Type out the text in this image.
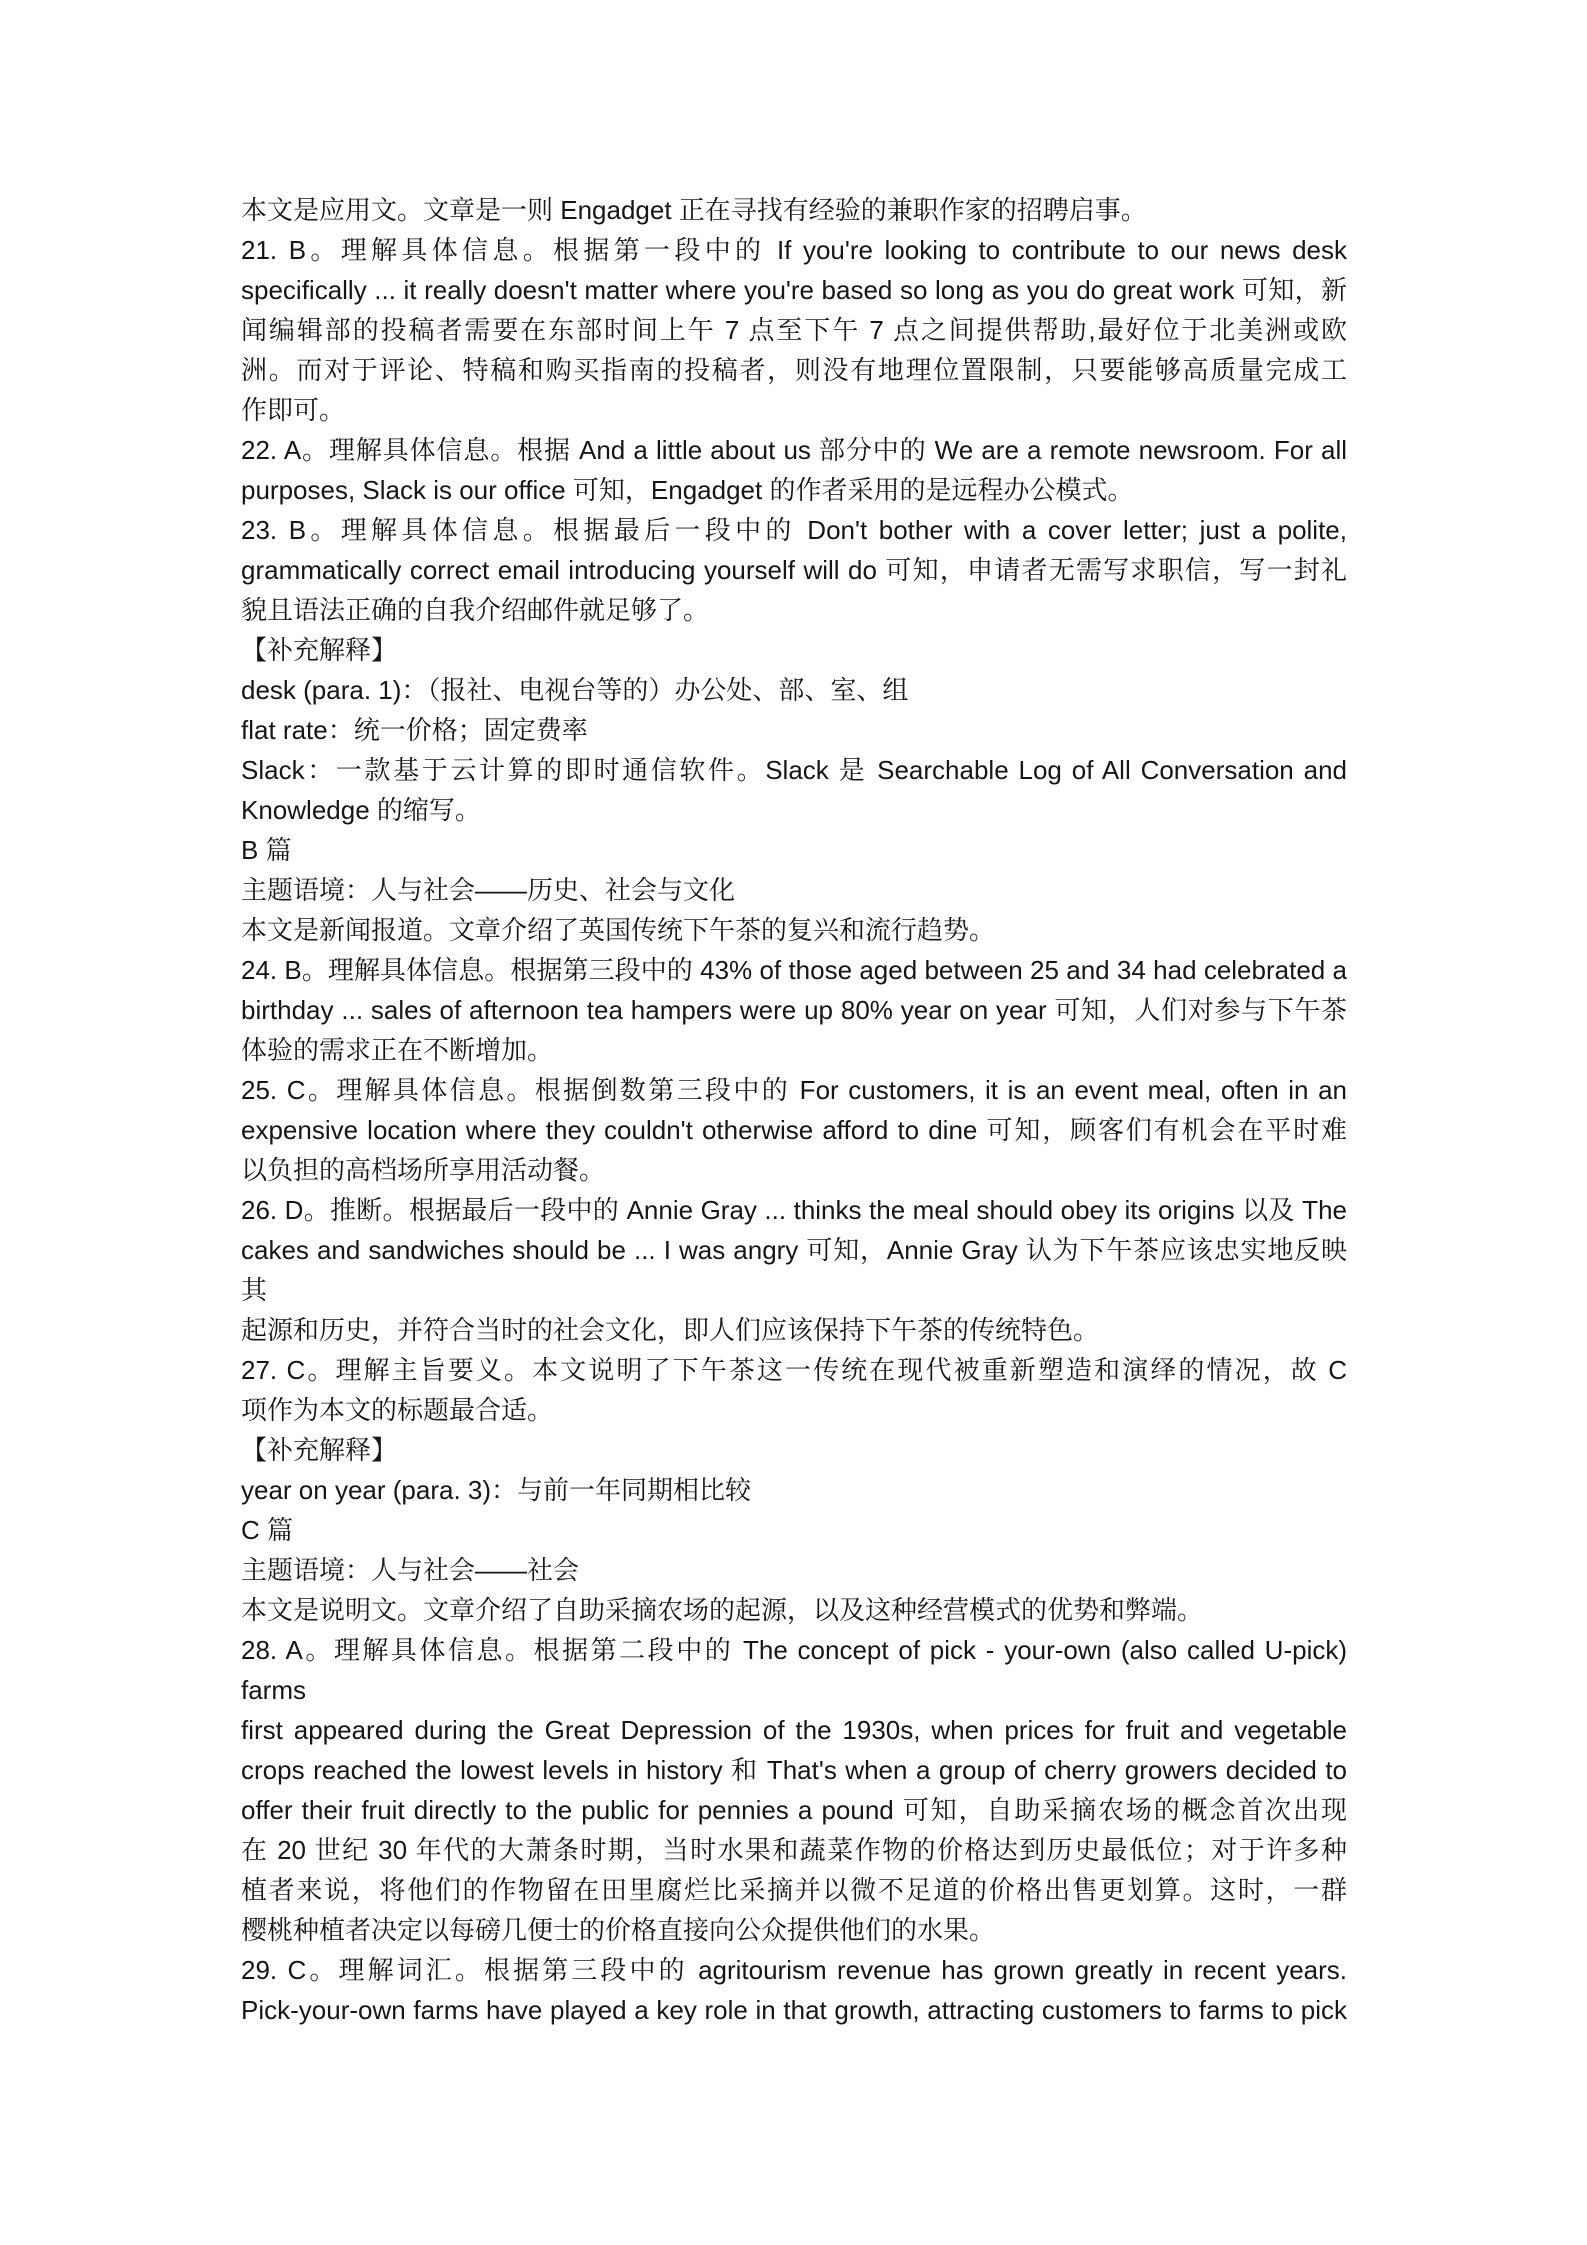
本文是应用文。文章是一则 Engadget 正在寻找有经验的兼职作家的招聘启事。
21. B。理解具体信息。根据第一段中的 If you're looking to contribute to our news desk
specifically ... it really doesn't matter where you're based so long as you do great work 可知，新
闻编辑部的投稿者需要在东部时间上午 7 点至下午 7 点之间提供帮助,最好位于北美洲或欧
洲。而对于评论、特稿和购买指南的投稿者，则没有地理位置限制，只要能够高质量完成工
作即可。
22. A。理解具体信息。根据 And a little about us 部分中的 We are a remote newsroom. For all
purposes, Slack is our office 可知，Engadget 的作者采用的是远程办公模式。
23. B。理解具体信息。根据最后一段中的 Don't bother with a cover letter; just a polite,
grammatically correct email introducing yourself will do 可知，申请者无需写求职信，写一封礼
貌且语法正确的自我介绍邮件就足够了。
【补充解释】
desk (para. 1)：（报社、电视台等的）办公处、部、室、组
flat rate：统一价格；固定费率
Slack：一款基于云计算的即时通信软件。Slack 是 Searchable Log of All Conversation and
Knowledge 的缩写。
B 篇
主题语境：人与社会——历史、社会与文化
本文是新闻报道。文章介绍了英国传统下午茶的复兴和流行趋势。
24. B。理解具体信息。根据第三段中的 43% of those aged between 25 and 34 had celebrated a
birthday ... sales of afternoon tea hampers were up 80% year on year 可知，人们对参与下午茶
体验的需求正在不断增加。
25. C。理解具体信息。根据倒数第三段中的 For customers, it is an event meal, often in an
expensive location where they couldn't otherwise afford to dine 可知，顾客们有机会在平时难
以负担的高档场所享用活动餐。
26. D。推断。根据最后一段中的 Annie Gray ... thinks the meal should obey its origins 以及 The
cakes and sandwiches should be ... I was angry 可知，Annie Gray 认为下午茶应该忠实地反映其
起源和历史，并符合当时的社会文化，即人们应该保持下午茶的传统特色。
27. C。理解主旨要义。本文说明了下午茶这一传统在现代被重新塑造和演绎的情况，故 C
项作为本文的标题最合适。
【补充解释】
year on year (para. 3)：与前一年同期相比较
C 篇
主题语境：人与社会——社会
本文是说明文。文章介绍了自助采摘农场的起源，以及这种经营模式的优势和弊端。
28. A。理解具体信息。根据第二段中的 The concept of pick - your-own (also called U-pick) farms
first appeared during the Great Depression of the 1930s, when prices for fruit and vegetable
crops reached the lowest levels in history 和 That's when a group of cherry growers decided to
offer their fruit directly to the public for pennies a pound 可知，自助采摘农场的概念首次出现
在 20 世纪 30 年代的大萧条时期，当时水果和蔬菜作物的价格达到历史最低位；对于许多种
植者来说，将他们的作物留在田里腐烂比采摘并以微不足道的价格出售更划算。这时，一群
樱桃种植者决定以每磅几便士的价格直接向公众提供他们的水果。
29. C。理解词汇。根据第三段中的 agritourism revenue has grown greatly in recent years.
Pick-your-own farms have played a key role in that growth, attracting customers to farms to pick
